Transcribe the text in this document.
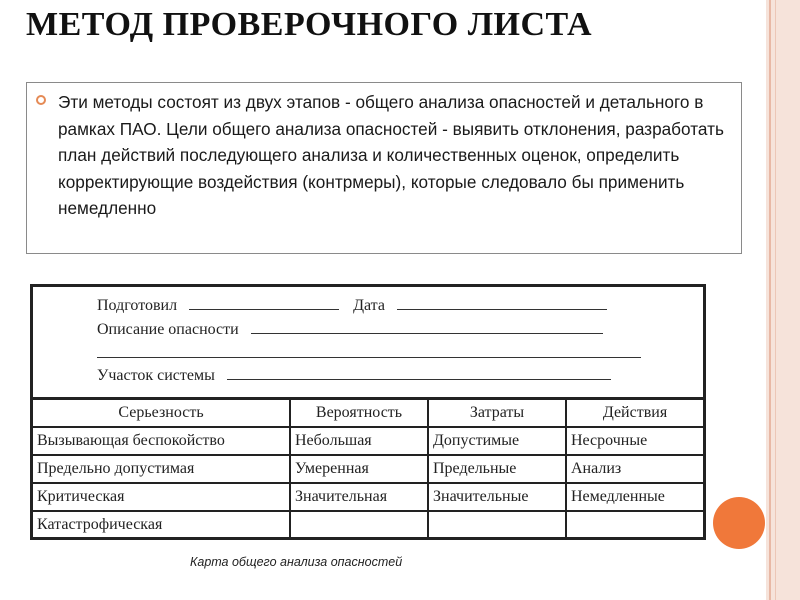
МЕТОД ПРОВЕРОЧНОГО ЛИСТА

Эти методы состоят из двух этапов - общего анализа опасностей и детального в рамках ПАО. Цели общего анализа опасностей - выявить отклонения, разработать план действий последующего анализа и количественных оценок, определить корректирующие воздействия (контрмеры), которые следовало бы применить немедленно

Подготовил	Дата
Описание опасности
Участок системы
Серьезность	Вероятность	Затраты	Действия
Вызывающая беспокойство	Небольшая	Допустимые	Несрочные
Предельно допустимая	Умеренная	Предельные	Анализ
Критическая	Значительная	Значительные	Немедленные
Катастрофическая

Карта общего анализа опасностей
